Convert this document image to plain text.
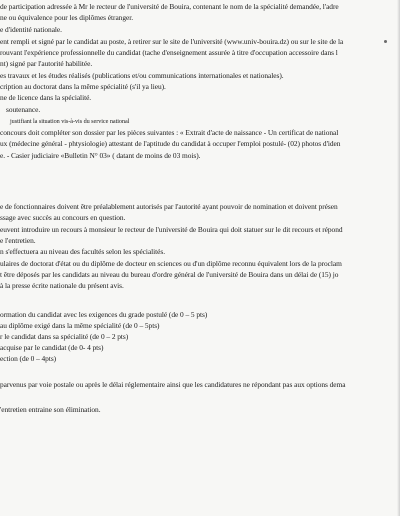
de participation adressée à Mr le recteur de l'université de Bouira, contenant le nom de la spécialité demandée, l'adre
ne ou équivalence pour les diplômes étranger.
e d'identité nationale.
ent rempli et signé par le candidat au poste, à retirer sur le site de l'université (www.univ-bouira.dz) ou sur le site de la
rouvant l'expérience professionnelle du candidat (tache d'enseignement assurée à titre d'occupation accessoire dans l
nt) signé par l'autorité habilitée.
es travaux et les études réalisés (publications et/ou communications internationales et nationales).
cription au doctorat dans la même spécialité (s'il ya lieu).
ne de licence dans la spécialité.
soutenance.
justifiant la situation vis-à-vis du service national
concours doit compléter son dossier par les pièces suivantes : « Extrait d'acte de naissance - Un certificat de national
ux (médecine général - phtysiologie) attestant de l'aptitude du candidat à occuper l'emploi postulé- (02) photos d'iden
e. - Casier judiciaire «Bulletin N° 03» ( datant de moins de 03 mois).
e de fonctionnaires doivent être préalablement autorisés par l'autorité ayant pouvoir de nomination et doivent présen
ssage avec succès au concours en question.
euvent introduire un recours à monsieur le recteur de l'université de Bouira qui doit statuer sur le dit recours et répond
e l'entretien.
n s'effectuera au niveau des facultés selon les spécialités.
ulaires de doctorat d'état ou du diplôme de docteur en sciences ou d'un diplôme reconnu équivalent lors de la proclam
t être déposés par les candidats au niveau du bureau d'ordre général de l'université de Bouira dans un délai de (15) jo
à la presse écrite nationale du présent avis.
ormation du candidat avec les exigences du grade postulé (de 0 – 5 pts)
au diplôme exigé dans la même spécialité (de 0 – 5pts)
r le candidat dans sa spécialité (de 0 – 2 pts)
acquise par le candidat (de 0- 4 pts)
ection (de 0 – 4pts)
parvenus par voie postale ou après le délai réglementaire ainsi que les candidatures ne répondant pas aux options dema
'entretien entraine son élimination.
